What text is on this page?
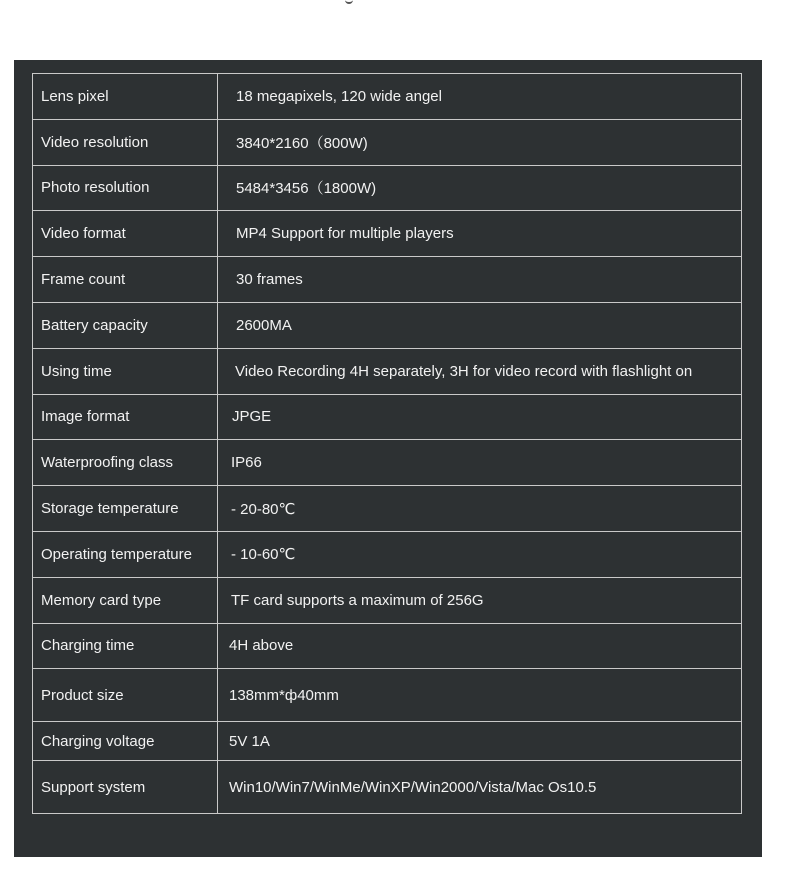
Lens pixel	18 megapixels, 120 wide angel
Video resolution	3840*2160（800W)
Photo resolution	5484*3456（1800W)
Video format	MP4 Support for multiple players
Frame count	30 frames
Battery capacity	2600MA
Using time	Video Recording 4H separately, 3H for video record with flashlight on
Image format	JPGE
Waterproofing class	IP66
Storage temperature	- 20-80℃
Operating temperature	- 10-60℃
Memory card type	TF card supports a maximum of 256G
Charging time	4H above
Product size	138mm*ф40mm
Charging voltage	5V 1A
Support system	Win10/Win7/WinMe/WinXP/Win2000/Vista/Mac Os10.5
